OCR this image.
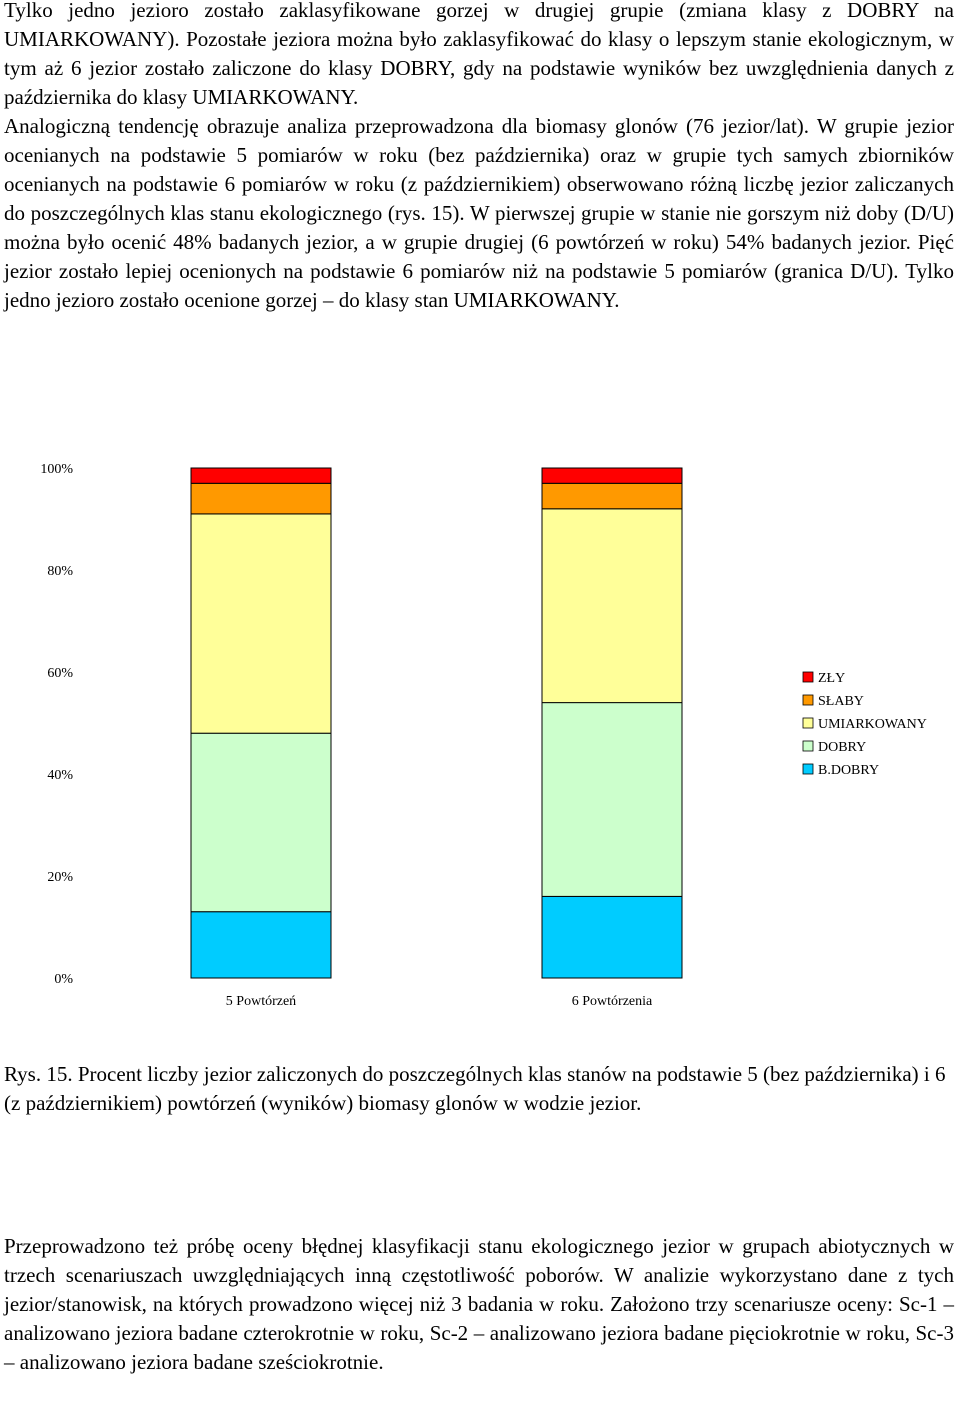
Tylko jedno jezioro zostało zaklasyfikowane gorzej w drugiej grupie (zmiana klasy z DOBRY na UMIARKOWANY). Pozostałe jeziora można było zaklasyfikować do klasy o lepszym stanie ekologicznym, w tym aż 6 jezior zostało zaliczone do klasy DOBRY, gdy na podstawie wyników bez uwzględnienia danych z października do klasy UMIARKOWANY.
Analogiczną tendencję obrazuje analiza przeprowadzona dla biomasy glonów (76 jezior/lat). W grupie jezior ocenianych na podstawie 5 pomiarów w roku (bez października) oraz w grupie tych samych zbiorników ocenianych na podstawie 6 pomiarów w roku (z październikiem) obserwowano różną liczbę jezior zaliczanych do poszczególnych klas stanu ekologicznego (rys. 15). W pierwszej grupie w stanie nie gorszym niż doby (D/U) można było ocenić 48% badanych jezior, a w grupie drugiej (6 powtórzeń w roku) 54% badanych jezior. Pięć jezior zostało lepiej ocenionych na podstawie 6 pomiarów niż na podstawie 5 pomiarów (granica D/U). Tylko jedno jezioro zostało ocenione gorzej – do klasy stan UMIARKOWANY.

0%
20%
40%
60%
80%
100%
5 Powtórzeń	6 Powtórzenia
ZŁY
SŁABY
UMIARKOWANY
DOBRY
B.DOBRY

Rys. 15. Procent liczby jezior zaliczonych do poszczególnych klas stanów na podstawie 5 (bez października) i 6 (z październikiem) powtórzeń (wyników) biomasy glonów w wodzie jezior.

Przeprowadzono też próbę oceny błędnej klasyfikacji stanu ekologicznego jezior w grupach abiotycznych w trzech scenariuszach uwzględniających inną częstotliwość poborów. W analizie wykorzystano dane z tych jezior/stanowisk, na których prowadzono więcej niż 3 badania w roku. Założono trzy scenariusze oceny: Sc-1 – analizowano jeziora badane czterokrotnie w roku, Sc-2 – analizowano jeziora badane pięciokrotnie w roku, Sc-3 – analizowano jeziora badane sześciokrotnie.
